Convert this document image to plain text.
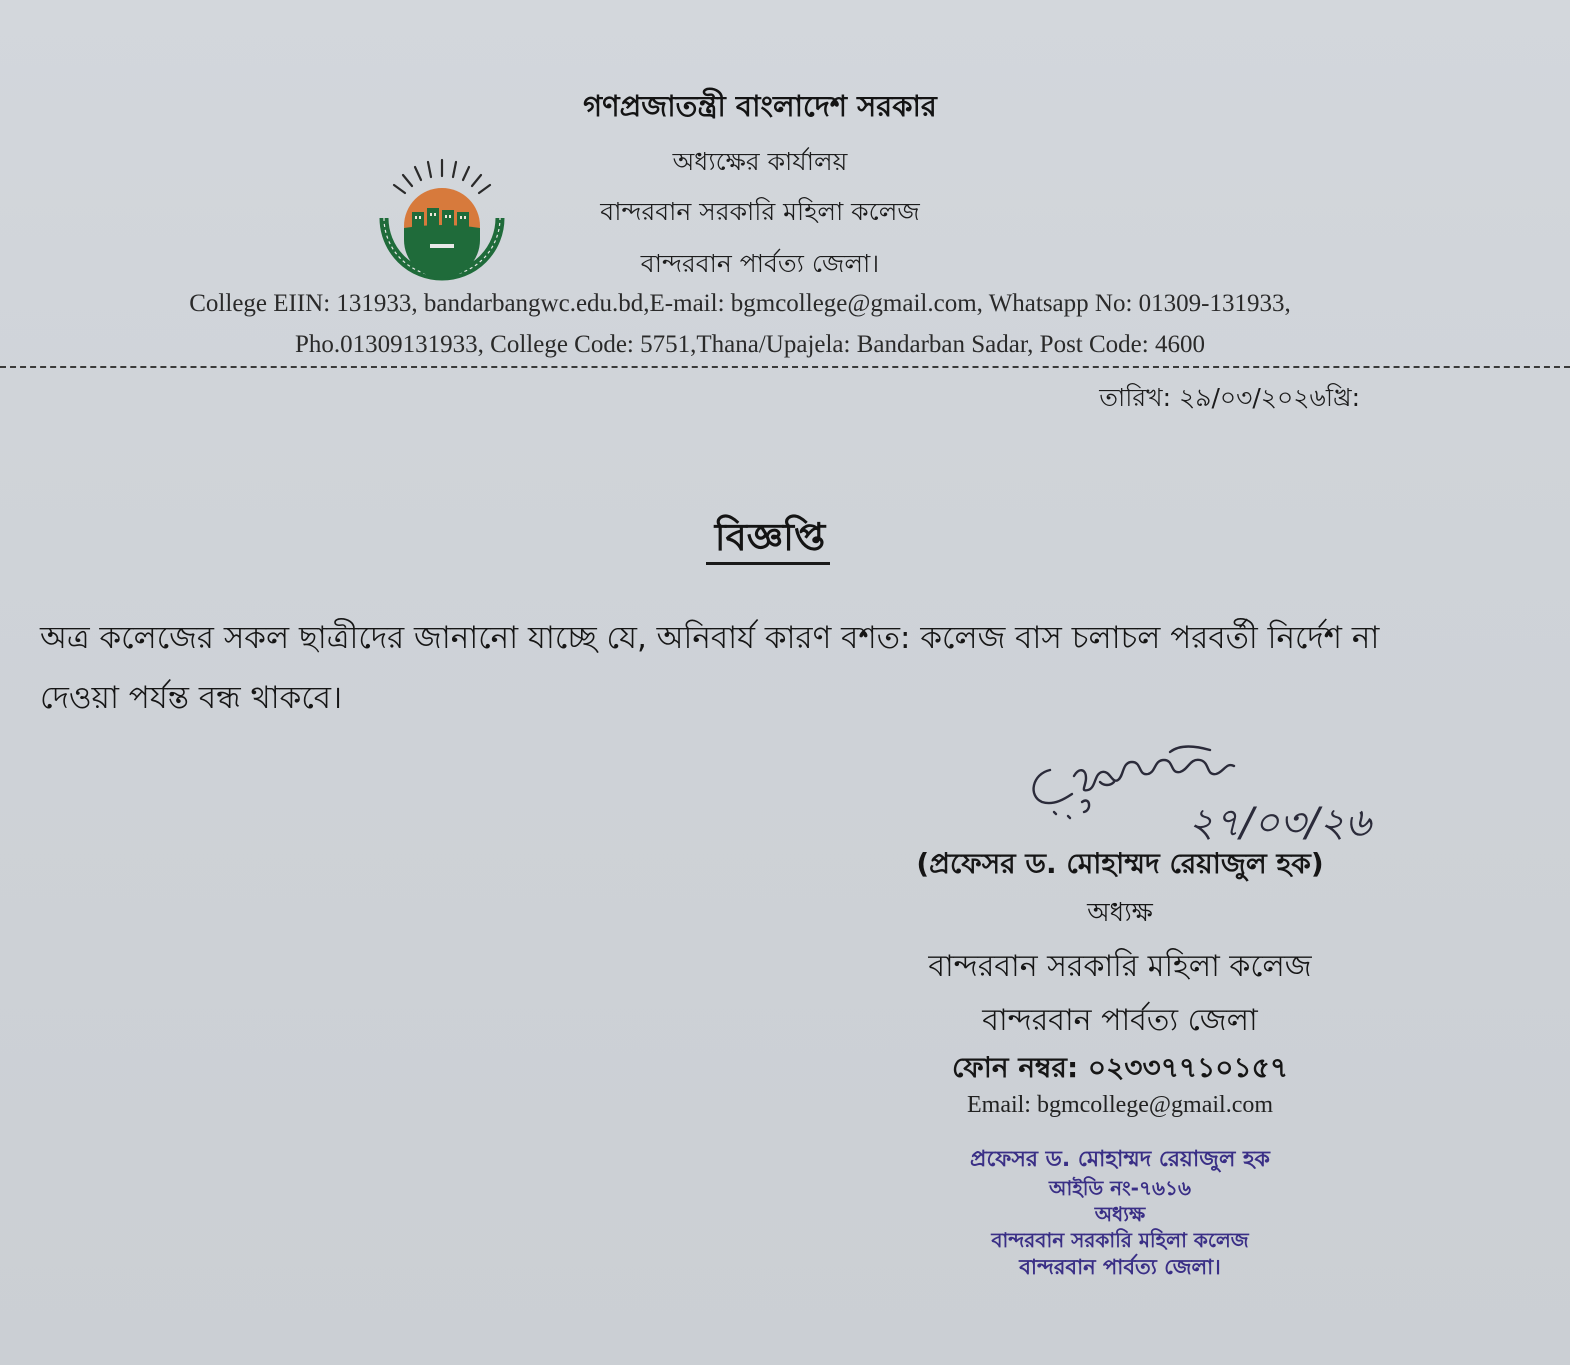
গণপ্রজাতন্ত্রী বাংলাদেশ সরকার
অধ্যক্ষের কার্যালয়
বান্দরবান সরকারি মহিলা কলেজ
বান্দরবান পার্বত্য জেলা।
College EIIN: 131933, bandarbangwc.edu.bd,E-mail: bgmcollege@gmail.com, Whatsapp No: 01309-131933,
Pho.01309131933, College Code: 5751,Thana/Upajela: Bandarban Sadar, Post Code: 4600
তারিখ: ২৯/০৩/২০২৬খ্রি:
বিজ্ঞপ্তি
অত্র কলেজের সকল ছাত্রীদের জানানো যাচ্ছে যে, অনিবার্য কারণ বশত: কলেজ বাস চলাচল পরবর্তী নির্দেশ না
দেওয়া পর্যন্ত বন্ধ থাকবে।
২৭/০৩/২৬
(প্রফেসর ড. মোহাম্মদ রেয়াজুল হক)
অধ্যক্ষ
বান্দরবান সরকারি মহিলা কলেজ
বান্দরবান পার্বত্য জেলা
ফোন নম্বর: ০২৩৩৭৭১০১৫৭
Email: bgmcollege@gmail.com
প্রফেসর ড. মোহাম্মদ রেয়াজুল হক
আইডি নং-৭৬১৬
অধ্যক্ষ
বান্দরবান সরকারি মহিলা কলেজ
বান্দরবান পার্বত্য জেলা।
